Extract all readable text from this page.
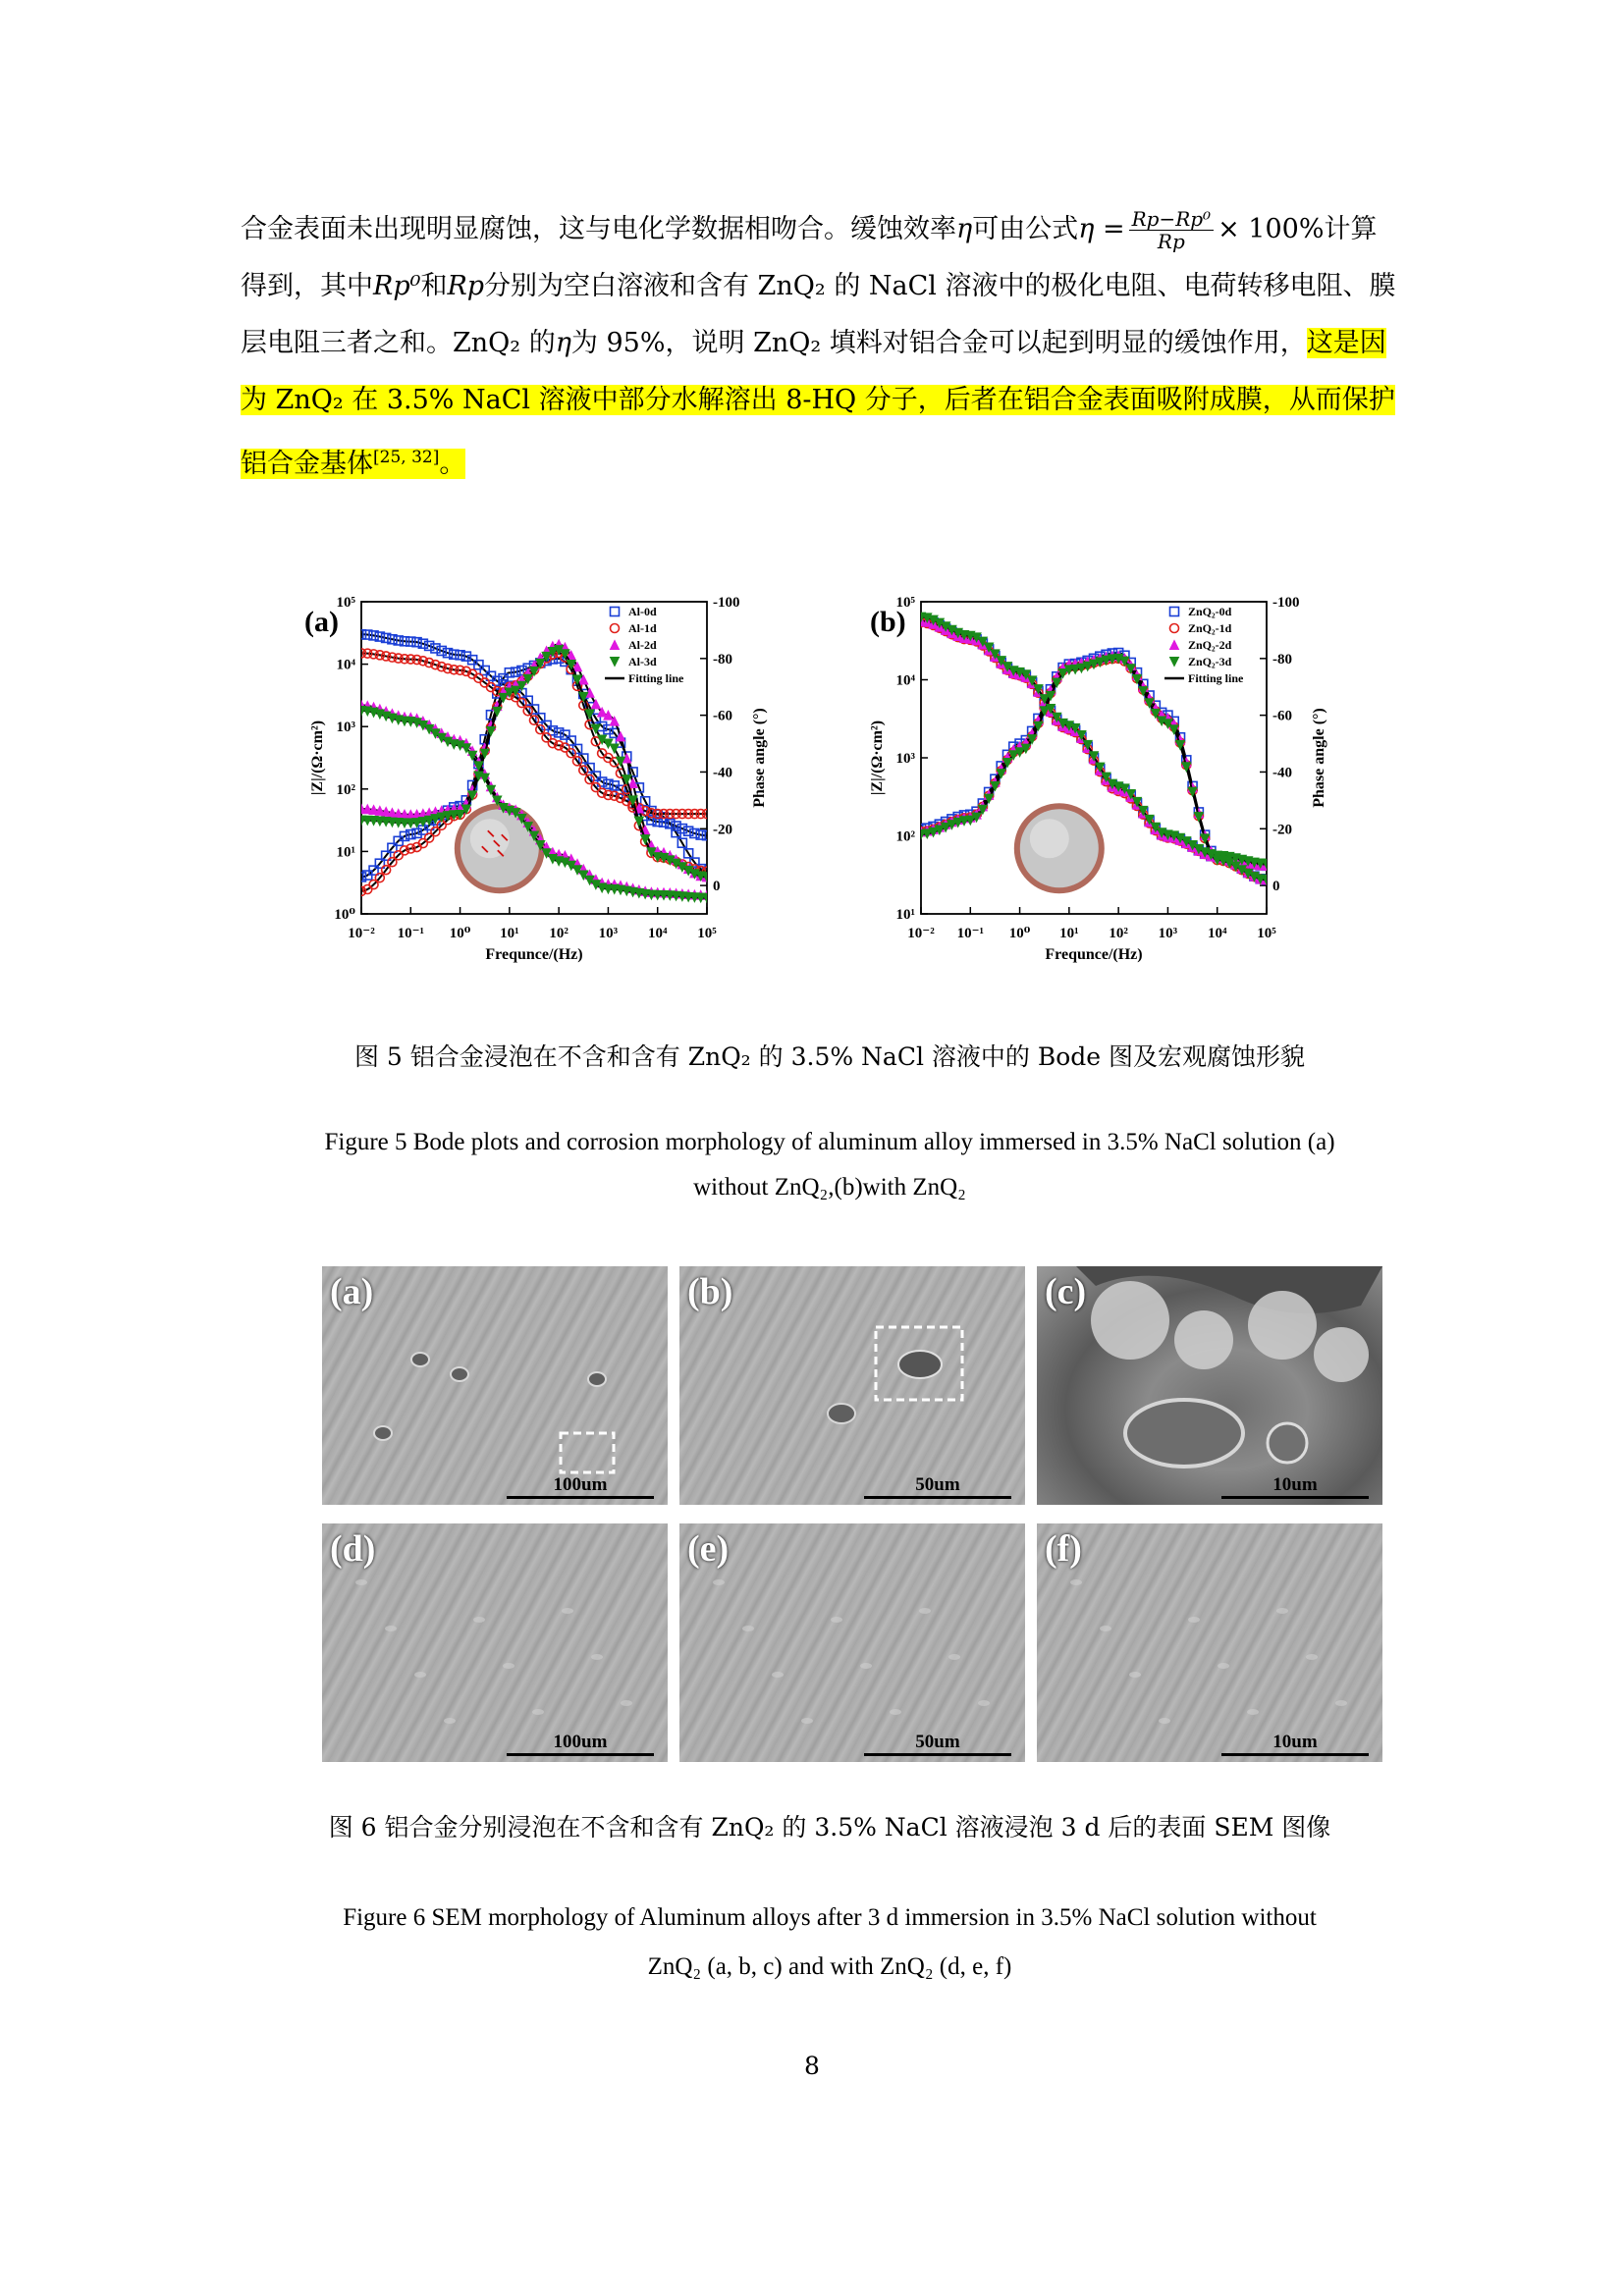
合金表面未出现明显腐蚀，这与电化学数据相吻合。缓蚀效率η可由公式$\eta = \frac{\text{Rp−Rp⁰}}{Rp} \times 100\%$计算
得到，其中Rp⁰和Rp分别为空白溶液和含有 ZnQ₂ 的 NaCl 溶液中的极化电阻、电荷转移电阻、膜
层电阻三者之和。ZnQ₂ 的η为 95%，说明 ZnQ₂ 填料对铝合金可以起到明显的缓蚀作用，这是因
为 ZnQ₂ 在 3.5% NaCl 溶液中部分水解溶出 8-HQ 分子，后者在铝合金表面吸附成膜，从而保护
铝合金基体[25, 32]。
10⁻² 10⁻¹ 10⁰ 10¹ 10² 10³ 10⁴ 10⁵
10⁰
10¹
10²
10³
10⁴
10⁵
0
-20
-40
-60
-80
-100
Frequnce/(Hz)
|Z|/(Ω·cm²)	Phase angle (°)
(a)	Al-0d
Al-1d
Al-2d
Al-3d
Fitting line
10⁻² 10⁻¹ 10⁰ 10¹ 10² 10³ 10⁴ 10⁵
10¹
10²
10³
10⁴
10⁵
0
-20
-40
-60
-80
-100
Frequnce/(Hz)
|Z|/(Ω·cm²)	Phase angle (°)
(b)	ZnQ₂-0d
ZnQ₂-1d
ZnQ₂-2d
ZnQ₂-3d
Fitting line
图 5 铝合金浸泡在不含和含有 ZnQ₂ 的 3.5% NaCl 溶液中的 Bode 图及宏观腐蚀形貌
Figure 5 Bode plots and corrosion morphology of aluminum alloy immersed in 3.5% NaCl solution (a)
without ZnQ₂,(b)with ZnQ₂
(a)
100um
(b)
50um
(c)
10um
(d)
100um
(e)
50um
(f)
10um
图 6 铝合金分别浸泡在不含和含有 ZnQ₂ 的 3.5% NaCl 溶液浸泡 3 d 后的表面 SEM 图像
Figure 6 SEM morphology of Aluminum alloys after 3 d immersion in 3.5% NaCl solution without
ZnQ₂ (a, b, c) and with ZnQ₂ (d, e, f)
8
